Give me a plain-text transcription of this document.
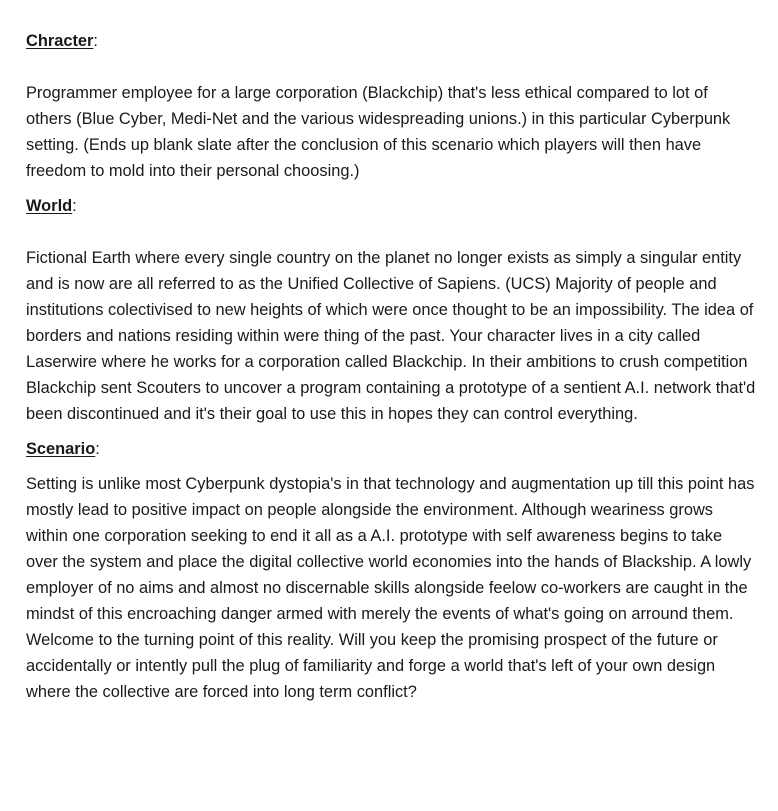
Chracter:

Programmer employee for a large corporation (Blackchip) that's less ethical compared to lot of others (Blue Cyber, Medi-Net and the various widespreading unions.) in this particular Cyberpunk setting. (Ends up blank slate after the conclusion of this scenario which players will then have freedom to mold into their personal choosing.)

World:

Fictional Earth where every single country on the planet no longer exists as simply a singular entity and is now are all referred to as the Unified Collective of Sapiens. (UCS) Majority of people and institutions colectivised to new heights of which were once thought to be an impossibility. The idea of borders and nations residing within were thing of the past. Your character lives in a city called Laserwire where he works for a corporation called Blackchip. In their ambitions to crush competition Blackchip sent Scouters to uncover a program containing a prototype of a sentient A.I. network that'd been discontinued and it's their goal to use this in hopes they can control everything.

Scenario:

Setting is unlike most Cyberpunk dystopia's in that technology and augmentation up till this point has mostly lead to positive impact on people alongside the environment. Although weariness grows within one corporation seeking to end it all as a A.I. prototype with self awareness begins to take over the system and place the digital collective world economies into the hands of Blackship. A lowly employer of no aims and almost no discernable skills alongside feelow co-workers are caught in the mindst of this encroaching danger armed with merely the events of what's going on arround them. Welcome to the turning point of this reality. Will you keep the promising prospect of the future or accidentally or intently pull the plug of familiarity and forge a world that's left of your own design where the collective are forced into long term conflict?
